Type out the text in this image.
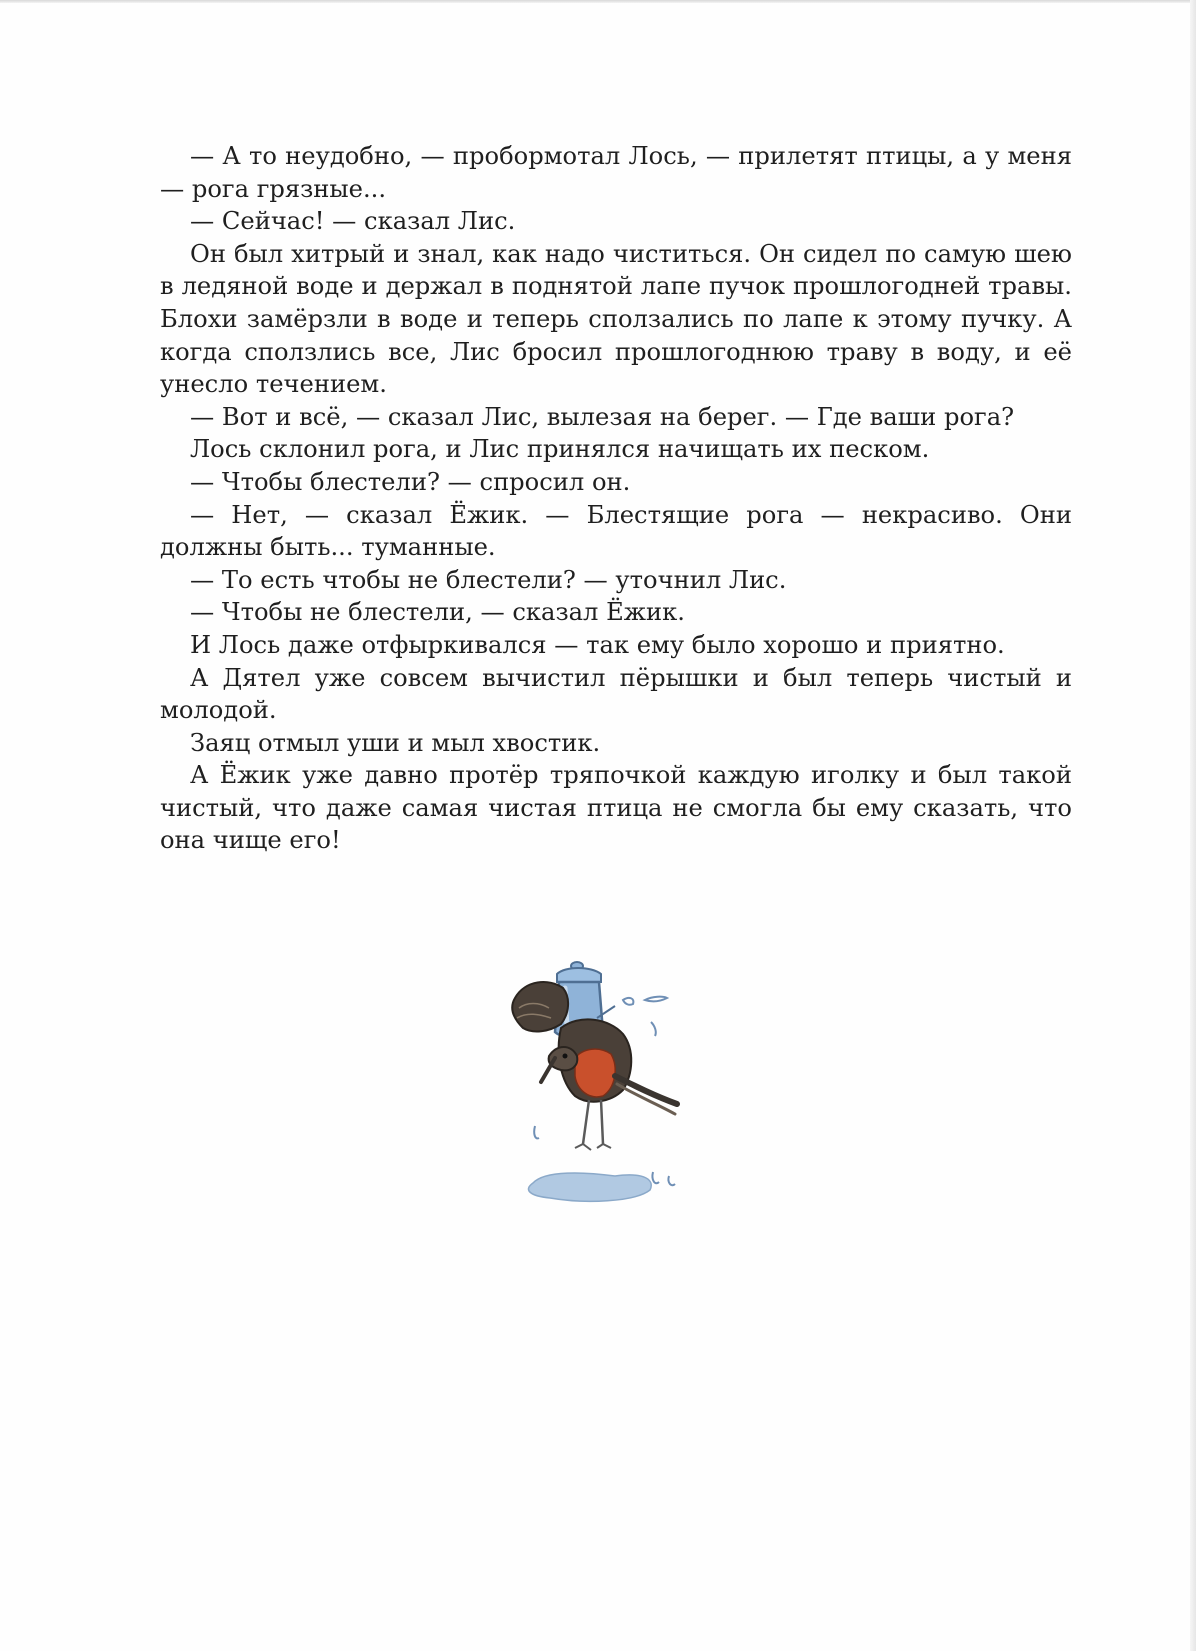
— А то неудобно, — пробормотал Лось, — прилетят птицы, а у меня — рога грязные...

— Сейчас! — сказал Лис.

Он был хитрый и знал, как надо чиститься. Он сидел по самую шею в ледяной воде и держал в поднятой лапе пучок прошлогодней травы. Блохи замёрзли в воде и теперь сползались по лапе к этому пучку. А когда сползлись все, Лис бросил прошлогоднюю траву в воду, и её унесло течением.

— Вот и всё, — сказал Лис, вылезая на берег. — Где ваши рога?

Лось склонил рога, и Лис принялся начищать их песком.

— Чтобы блестели? — спросил он.

— Нет, — сказал Ёжик. — Блестящие рога — некрасиво. Они должны быть... туманные.

— То есть чтобы не блестели? — уточнил Лис.

— Чтобы не блестели, — сказал Ёжик.

И Лось даже отфыркивался — так ему было хорошо и приятно.

А Дятел уже совсем вычистил пёрышки и был теперь чистый и молодой.

Заяц отмыл уши и мыл хвостик.

А Ёжик уже давно протёр тряпочкой каждую иголку и был такой чистый, что даже самая чистая птица не смогла бы ему сказать, что она чище его!
